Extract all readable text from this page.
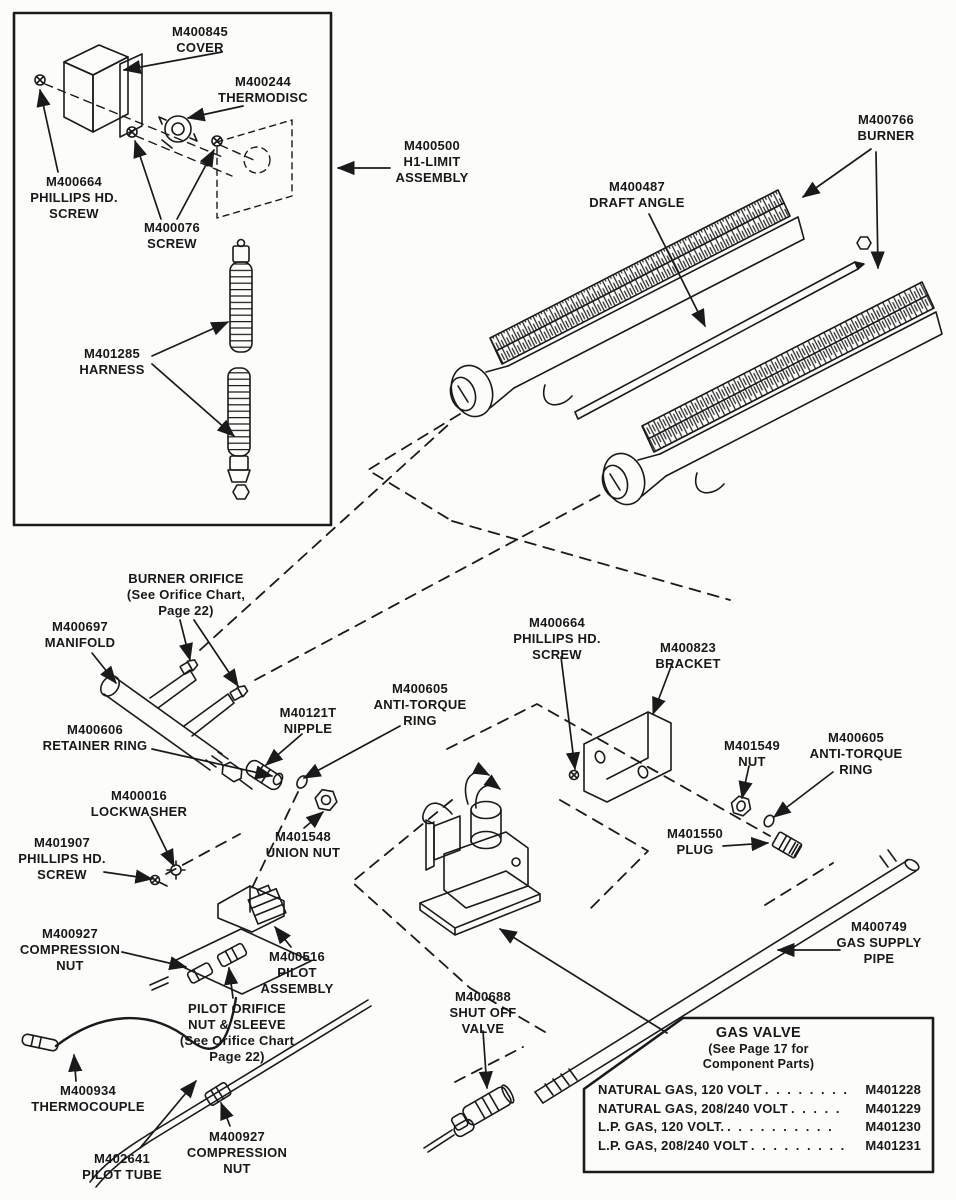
M400845
COVER
M400244
THERMODISC
M400664
PHILLIPS HD.
SCREW
M400076
SCREW
M401285
HARNESS
M400500
H1-LIMIT
ASSEMBLY
M400487
DRAFT ANGLE
M400766
BURNER
BURNER ORIFICE
(See Orifice Chart,
Page 22)
M400697
MANIFOLD
M400606
RETAINER RING
M40121T
NIPPLE
M400605
ANTI-TORQUE
RING
M400016
LOCKWASHER
M401548
UNION NUT
M401907
PHILLIPS HD.
SCREW
M400927
COMPRESSION
NUT
M400516
PILOT
ASSEMBLY
PILOT ORIFICE
NUT & SLEEVE
(See Orifice Chart
Page 22)
M400934
THERMOCOUPLE
M402641
PILOT TUBE
M400927
COMPRESSION
NUT
M400688
SHUT OFF
VALVE
M400664
PHILLIPS HD.
SCREW	M400823
BRACKET
M401549
NUT
M400605
ANTI-TORQUE
RING
M401550
PLUG
M400749
GAS SUPPLY
PIPE
GAS VALVE
(See Page 17 for
Component Parts)
NATURAL GAS, 120 VOLT . . . . . . . .	M401228
NATURAL GAS, 208/240 VOLT . . . . .	M401229
L.P. GAS, 120 VOLT. . . . . . . . . . .	M401230
L.P. GAS, 208/240 VOLT . . . . . . . . .	M401231
